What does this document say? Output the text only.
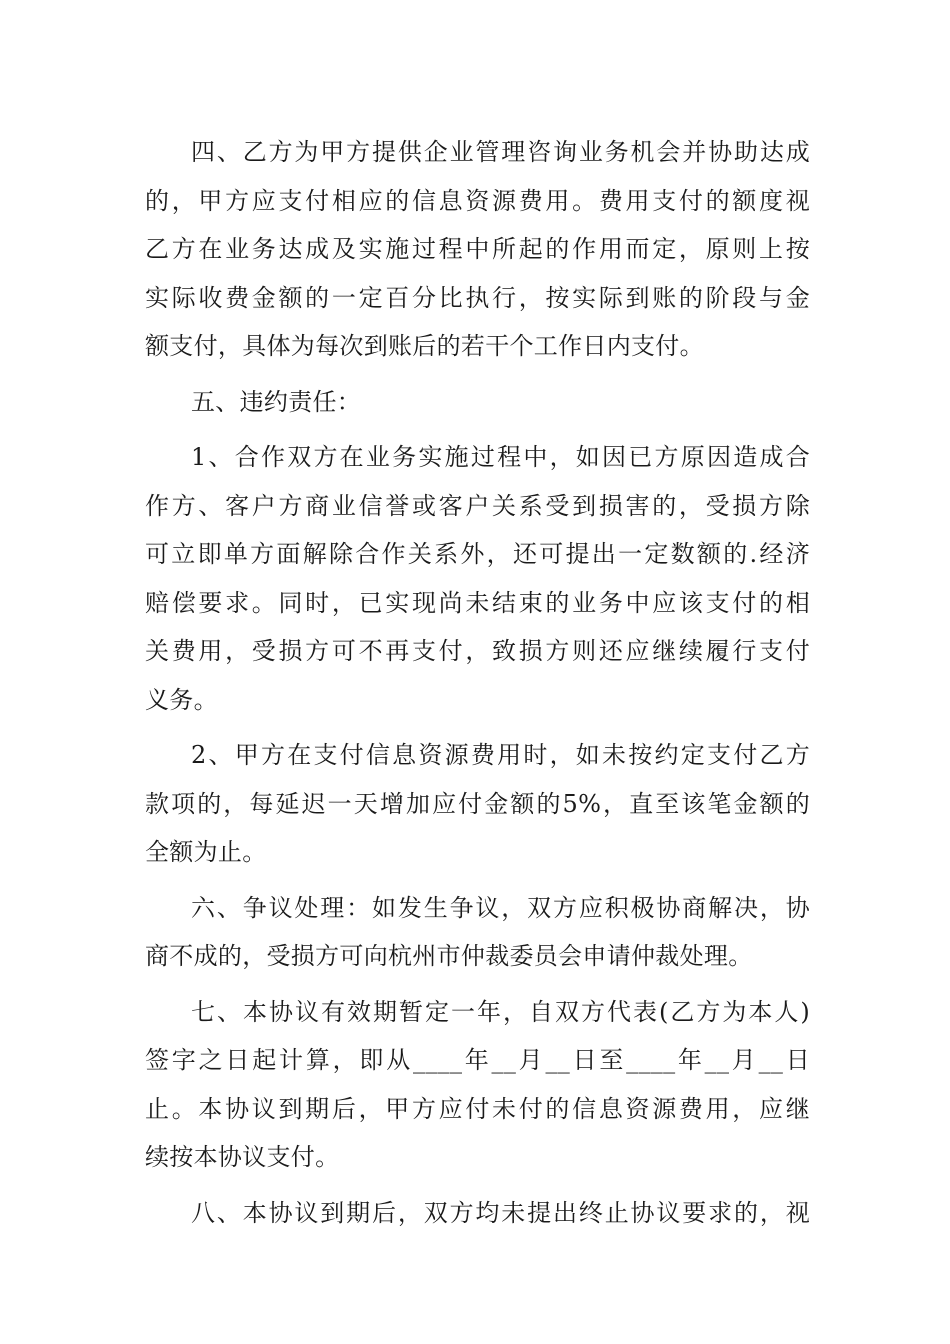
四、乙方为甲方提供企业管理咨询业务机会并协助达成
的，甲方应支付相应的信息资源费用。费用支付的额度视
乙方在业务达成及实施过程中所起的作用而定，原则上按
实际收费金额的一定百分比执行，按实际到账的阶段与金
额支付，具体为每次到账后的若干个工作日内支付。

五、违约责任：

1、合作双方在业务实施过程中，如因已方原因造成合
作方、客户方商业信誉或客户关系受到损害的，受损方除
可立即单方面解除合作关系外，还可提出一定数额的.经济
赔偿要求。同时，已实现尚未结束的业务中应该支付的相
关费用，受损方可不再支付，致损方则还应继续履行支付
义务。

2、甲方在支付信息资源费用时，如未按约定支付乙方
款项的，每延迟一天增加应付金额的5%，直至该笔金额的
全额为止。

六、争议处理：如发生争议，双方应积极协商解决，协
商不成的，受损方可向杭州市仲裁委员会申请仲裁处理。

七、本协议有效期暂定一年，自双方代表(乙方为本人)
签字之日起计算，即从____年__月__日至____年__月__日
止。本协议到期后，甲方应付未付的信息资源费用，应继
续按本协议支付。

八、本协议到期后，双方均未提出终止协议要求的，视
